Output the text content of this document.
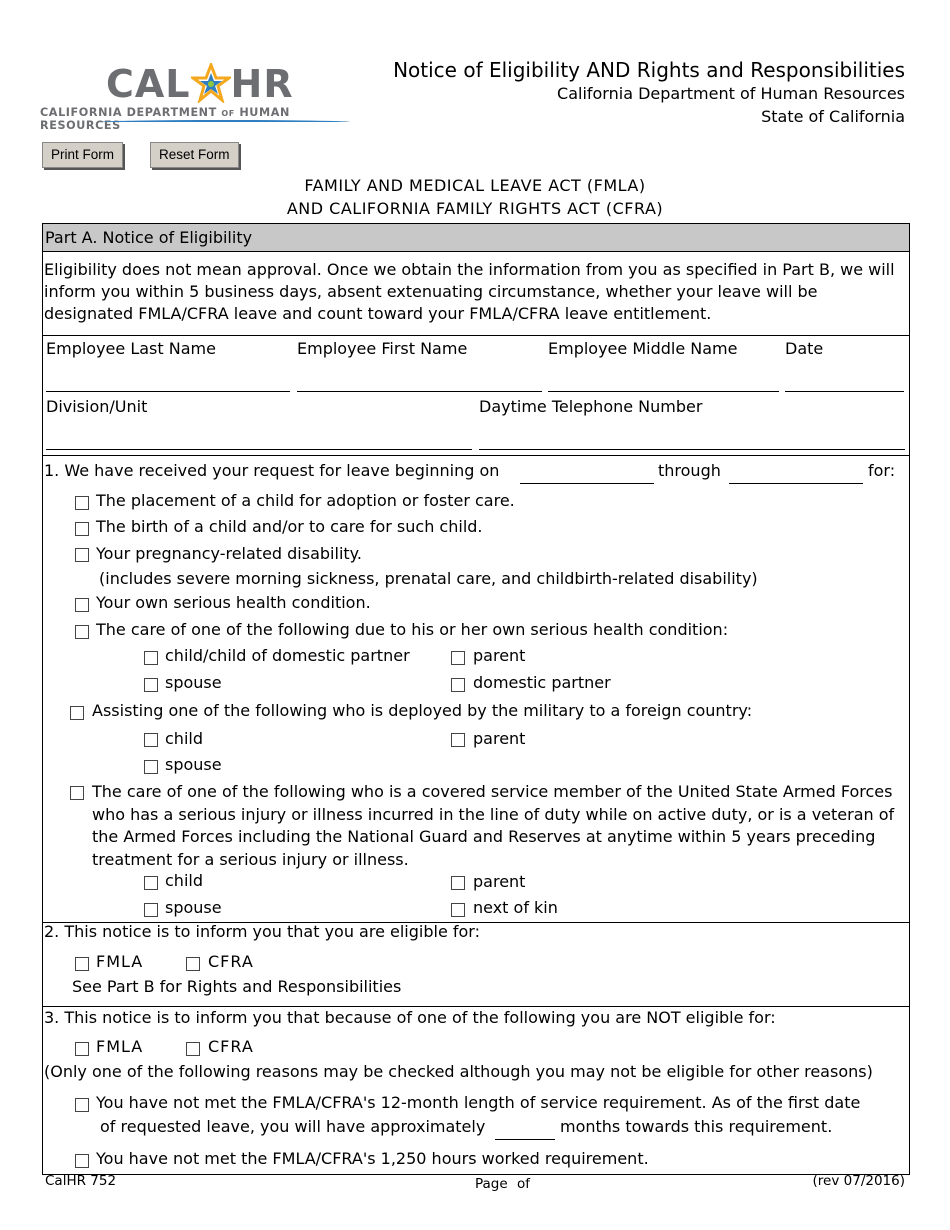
CAL HR
CALIFORNIA DEPARTMENT OF HUMAN RESOURCES
Notice of Eligibility AND Rights and Responsibilities
California Department of Human Resources
State of California
Print Form	Reset Form
FAMILY AND MEDICAL LEAVE ACT (FMLA)
AND CALIFORNIA FAMILY RIGHTS ACT (CFRA)
Part A. Notice of Eligibility
Eligibility does not mean approval. Once we obtain the information from you as specified in Part B, we will inform you within 5 business days, absent extenuating circumstance, whether your leave will be designated FMLA/CFRA leave and count toward your FMLA/CFRA leave entitlement.
Employee Last Name	Employee First Name	Employee Middle Name	Date
Division/Unit	Daytime Telephone Number
1. We have received your request for leave beginning on	through	for:
The placement of a child for adoption or foster care.
The birth of a child and/or to care for such child.
Your pregnancy-related disability.
(includes severe morning sickness, prenatal care, and childbirth-related disability)
Your own serious health condition.
The care of one of the following due to his or her own serious health condition:
child/child of domestic partner	parent
spouse	domestic partner
Assisting one of the following who is deployed by the military to a foreign country:
child	parent
spouse
The care of one of the following who is a covered service member of the United State Armed Forces who has a serious injury or illness incurred in the line of duty while on active duty, or is a veteran of the Armed Forces including the National Guard and Reserves at anytime within 5 years preceding treatment for a serious injury or illness.
child	parent
spouse	next of kin
2. This notice is to inform you that you are eligible for:
FMLA	CFRA
See Part B for Rights and Responsibilities
3. This notice is to inform you that because of one of the following you are NOT eligible for:
FMLA	CFRA
(Only one of the following reasons may be checked although you may not be eligible for other reasons)
You have not met the FMLA/CFRA's 12-month length of service requirement. As of the first date
of requested leave, you will have approximately	months towards this requirement.
You have not met the FMLA/CFRA's 1,250 hours worked requirement.
CalHR 752	Page of	(rev 07/2016)
